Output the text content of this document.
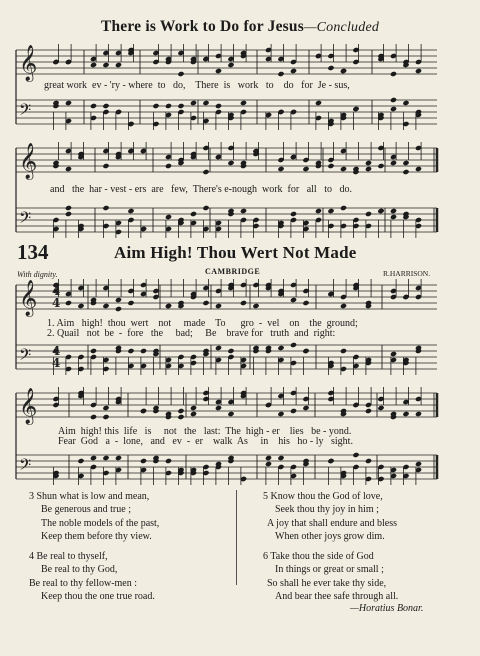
There is Work to Do for Jesus—Concluded
𝄞
𝄢
𝄞
𝄢
𝄞
𝄢
𝄞
𝄢
4
4
4
4
great work  ev - 'ry - where  to   do,    There  is   work   to    do   for  Je - sus,
and   the  har - vest - ers  are   few,  There's e-nough  work  for   all   to   do.
134	Aim High! Thou Wert Not Made
CAMBRIDGE	R.HARRISON.
With dignity.
1. Aim   high!  thou  wert    not     made    To      gro  -  vel    on    the  ground;
2. Quail   not  be  -  fore   the     bad;     Be    brave for   truth  and  right:
Aim  high! this  life   is     not   the   last:  The  high - er    lies   be - yond.
Fear  God   a  -  lone,   and   ev  -  er    walk  As     in    his   ho - ly   sight.

3 Shun what is low and mean,

Be generous and true ;

The noble models of the past,

Keep them before thy view.

4 Be real to thyself,

Be real to thy God,

Be real to thy fellow-men :

Keep thou the one true road.

5 Know thou the God of love,

Seek thou thy joy in him ;

A joy that shall endure and bless

When other joys grow dim.

6 Take thou the side of God

In things or great or small ;

So shall he ever take thy side,

And bear thee safe through all.

—Horatius Bonar.
